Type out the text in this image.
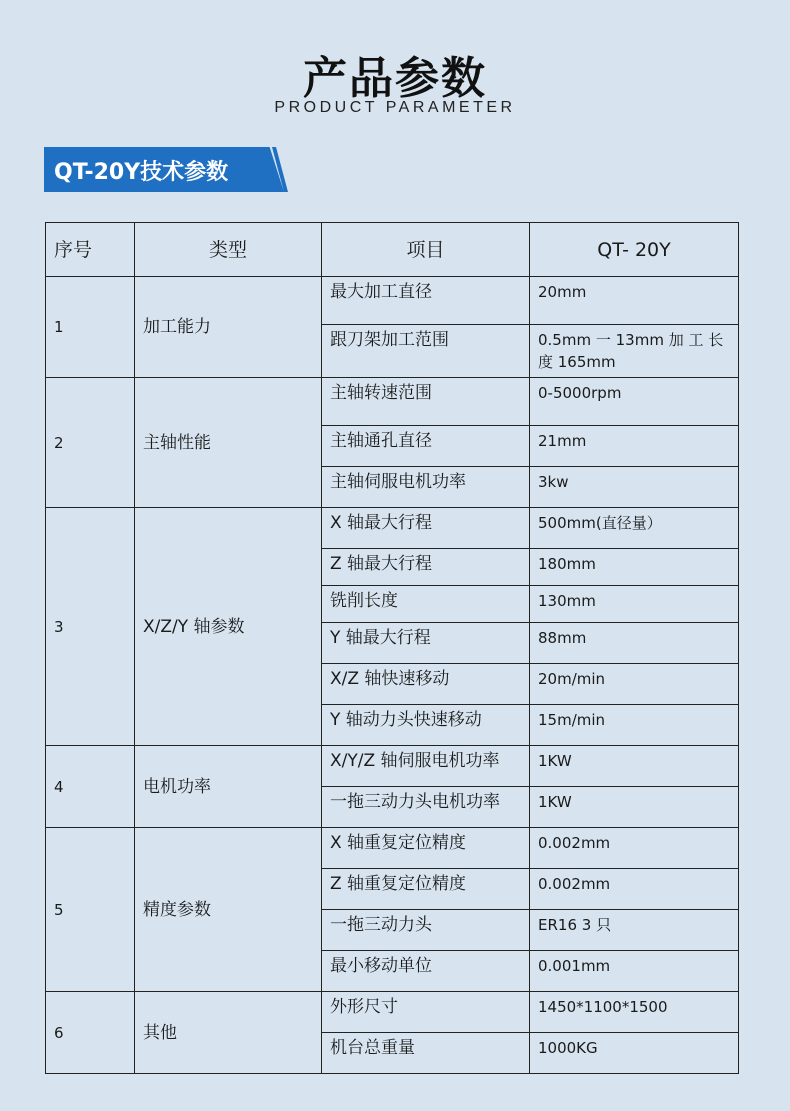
产品参数
PRODUCT PARAMETER
QT-20Y技术参数
序号	类型	项目	QT- 20Y
1	加工能力	最大加工直径	20mm
		跟刀架加工范围	0.5mm 一 13mm 加 工 长 度 165mm
2	主轴性能	主轴转速范围	0-5000rpm
		主轴通孔直径	21mm
		主轴伺服电机功率	3kw
3	X/Z/Y 轴参数	X 轴最大行程	500mm(直径量）
		Z 轴最大行程	180mm
		铣削长度	130mm
		Y 轴最大行程	88mm
		X/Z 轴快速移动	20m/min
		Y 轴动力头快速移动	15m/min
4	电机功率	X/Y/Z 轴伺服电机功率	1KW
		一拖三动力头电机功率	1KW
5	精度参数	X 轴重复定位精度	0.002mm
		Z 轴重复定位精度	0.002mm
		一拖三动力头	ER16 3 只
		最小移动单位	0.001mm
6	其他	外形尺寸	1450*1100*1500
		机台总重量	1000KG
